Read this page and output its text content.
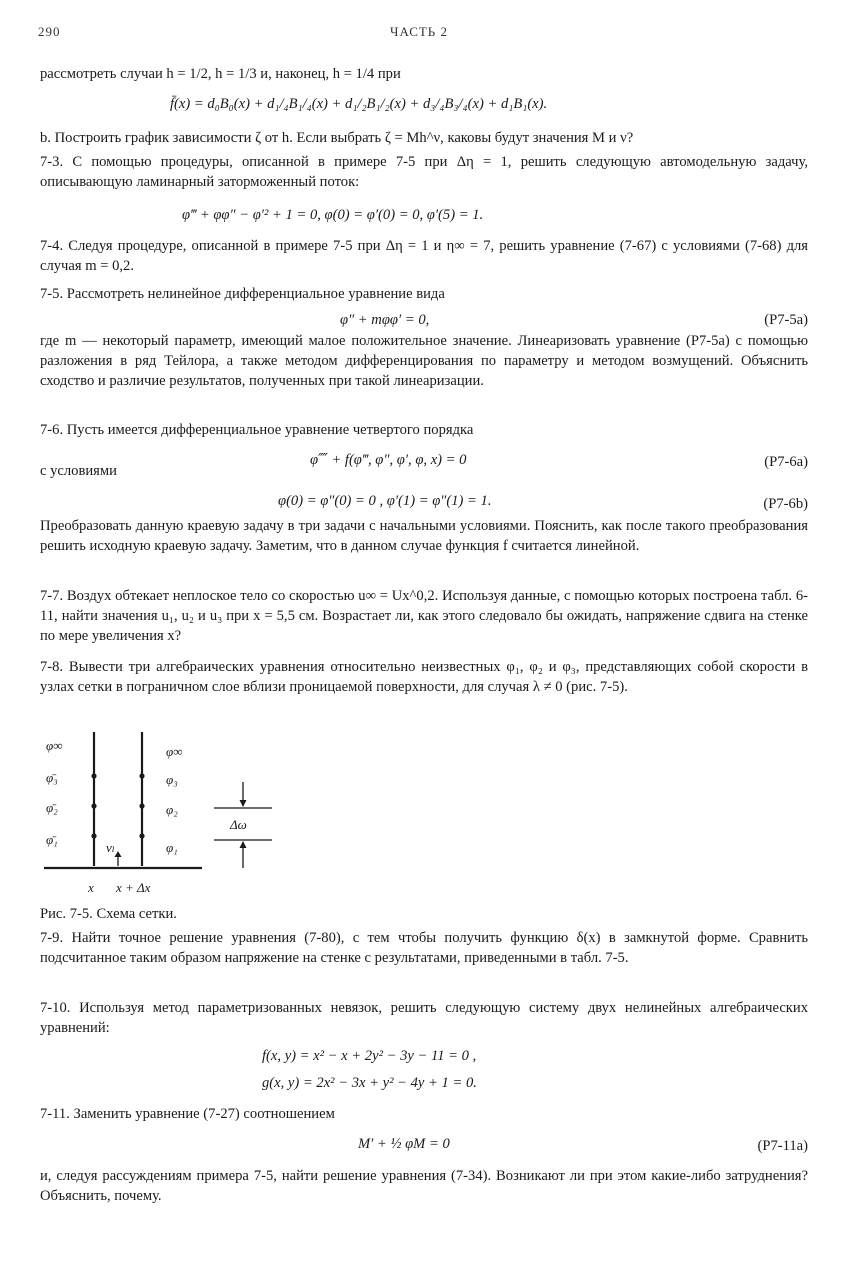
290	ЧАСТЬ 2

рассмотреть случаи h = 1/2, h = 1/3 и, наконец, h = 1/4 при

f̄(x) = d₀B₀(x) + d₁/₄B₁/₄(x) + d₁/₂B₁/₂(x) + d₃/₄B₃/₄(x) + d₁B₁(x).

b. Построить график зависимости ζ от h. Если выбрать ζ = Mh^ν, каковы будут значения M и ν?

7-3. С помощью процедуры, описанной в примере 7-5 при Δη = 1, решить следующую автомодельную задачу, описывающую ламинарный заторможенный поток:

φ‴ + φφ″ − φ′² + 1 = 0, φ(0) = φ′(0) = 0, φ′(5) = 1.

7-4. Следуя процедуре, описанной в примере 7-5 при Δη = 1 и η∞ = 7, решить уравнение (7-67) с условиями (7-68) для случая m = 0,2.

7-5. Рассмотреть нелинейное дифференциальное уравнение вида

φ″ + mφφ′ = 0,	(P7-5a)

где m — некоторый параметр, имеющий малое положительное значение. Линеаризовать уравнение (P7-5a) с помощью разложения в ряд Тейлора, а также методом дифференцирования по параметру и методом возмущений. Объяснить сходство и различие результатов, полученных при такой линеаризации.

7-6. Пусть имеется дифференциальное уравнение четвертого порядка

φ⁗ + f(φ‴, φ″, φ′, φ, x) = 0	(P7-6a)
с условиями
φ(0) = φ″(0) = 0 , φ′(1) = φ″(1) = 1.	(P7-6b)

Преобразовать данную краевую задачу в три задачи с начальными условиями. Пояснить, как после такого преобразования решить исходную краевую задачу. Заметим, что в данном случае функция f считается линейной.

7-7. Воздух обтекает неплоское тело со скоростью u∞ = Ux^0,2. Используя данные, с помощью которых построена табл. 6-11, найти значения u₁, u₂ и u₃ при x = 5,5 см. Возрастает ли, как этого следовало бы ожидать, напряжение сдвига на стенке по мере увеличения x?

7-8. Вывести три алгебраических уравнения относительно неизвестных φ₁, φ₂ и φ₃, представляющих собой скорости в узлах сетки в пограничном слое вблизи проницаемой поверхности, для случая λ ≠ 0 (рис. 7-5).

φ∞
φ̄₃
φ̄₂
φ̄₁
φ∞
φ₃
φ₂
φ₁
vₗ
Δω
x x + Δx
Рис. 7-5. Схема сетки.

7-9. Найти точное решение уравнения (7-80), с тем чтобы получить функцию δ(x) в замкнутой форме. Сравнить подсчитанное таким образом напряжение на стенке с результатами, приведенными в табл. 7-5.

7-10. Используя метод параметризованных невязок, решить следующую систему двух нелинейных алгебраических уравнений:

f(x, y) = x² − x + 2y² − 3y − 11 = 0 ,
g(x, y) = 2x² − 3x + y² − 4y + 1 = 0.

7-11. Заменить уравнение (7-27) соотношением

M′ + ½ φM = 0	(P7-11a)

и, следуя рассуждениям примера 7-5, найти решение уравнения (7-34). Возникают ли при этом какие-либо затруднения? Объяснить, почему.
